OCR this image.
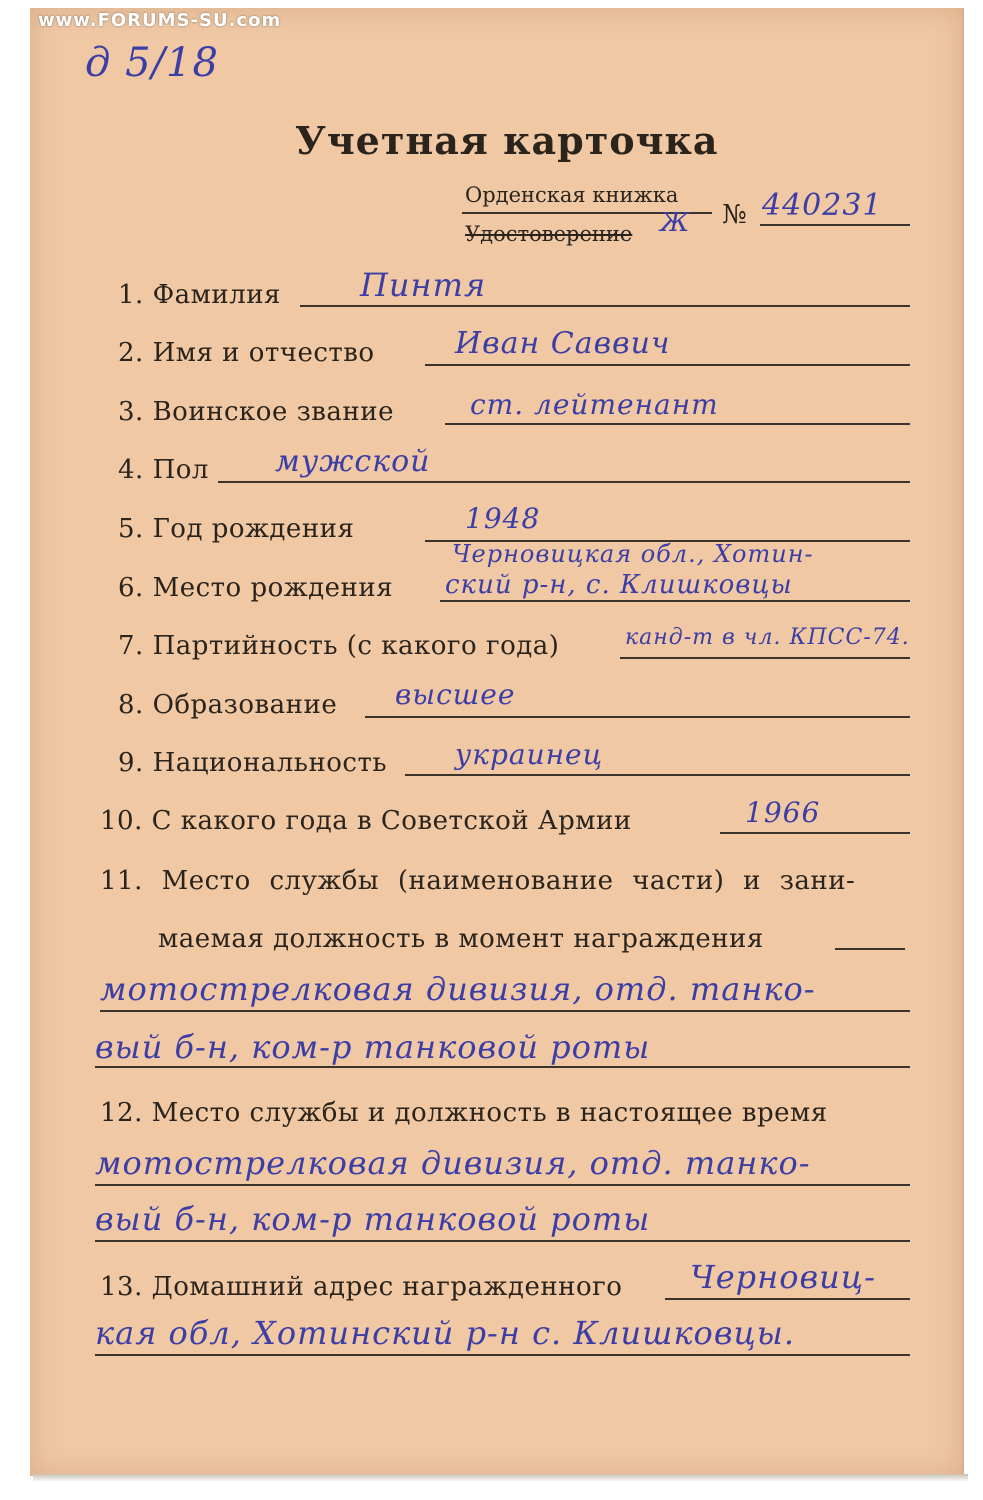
www.FORUMS-SU.com
д 5/18
Учетная карточка
Орденская книжка
Удостоверение Ж № 440231
1. Фамилия Пинтя
2. Имя и отчество	Иван Саввич
3. Воинское звание	ст. лейтенант
4. Пол мужской
5. Год рождения	1948
6. Место рождения
Черновицкая обл., Хотин-
ский р-н, с. Клишковцы
7. Партийность (с какого года)	канд-т в чл. КПСС-74.
8. Образование высшее
9. Национальность украинец
10. С какого года в Советской Армии	1966
11. Место службы (наименование части) и зани-
маемая должность в момент награждения
мотострелковая дивизия, отд. танко-
вый б-н, ком-р танковой роты
12. Место службы и должность в настоящее время
мотострелковая дивизия, отд. танко-
вый б-н, ком-р танковой роты
13. Домашний адрес награжденного Черновиц-
кая обл, Хотинский р-н с. Клишковцы.
